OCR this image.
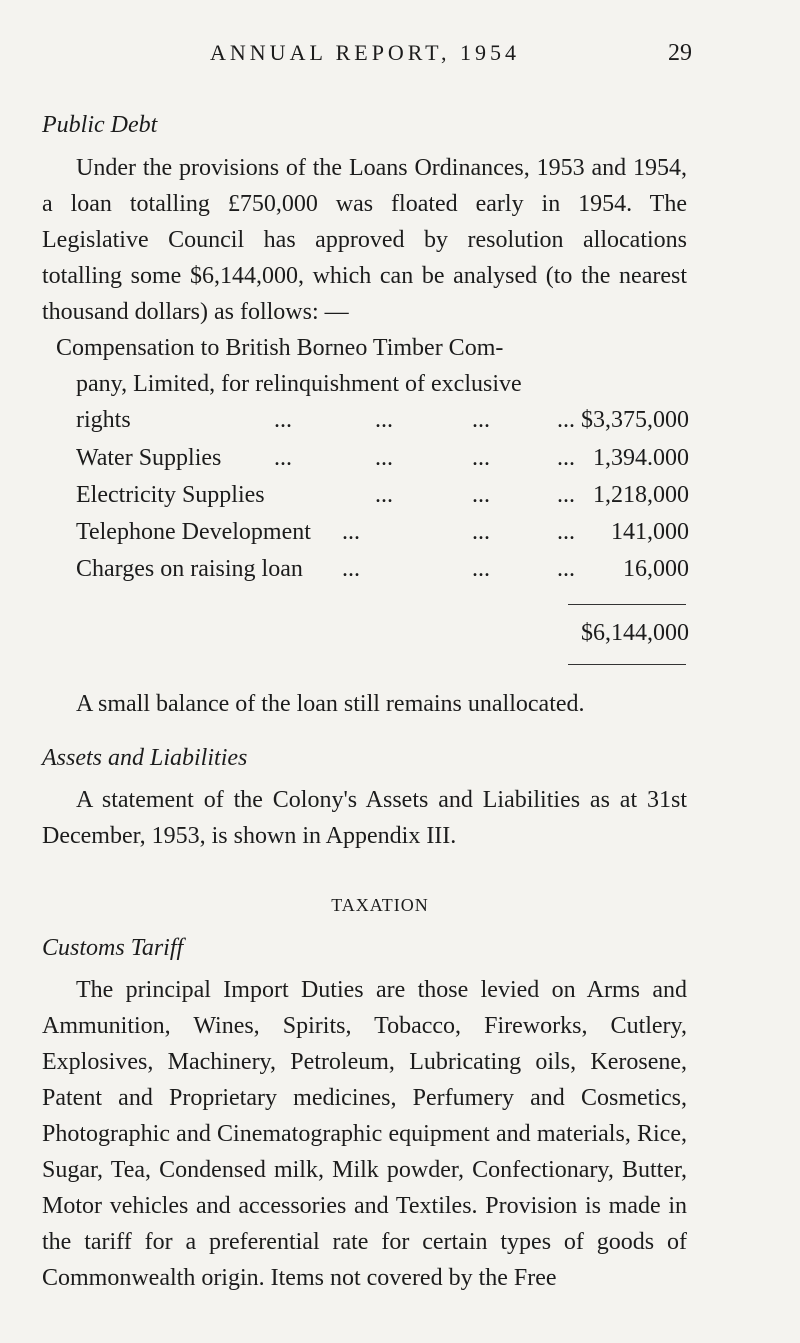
ANNUAL REPORT, 1954	29
Public Debt
Under the provisions of the Loans Ordinances, 1953 and 1954, a loan totalling £750,000 was floated early in 1954. The Legislative Council has approved by resolution allocations totalling some $6,144,000, which can be analysed (to the nearest thousand dollars) as follows: —
Compensation to British Borneo Timber Com-
pany, Limited, for relinquishment of exclusive
rights	...	...	...	... $3,375,000
Water Supplies ...	...	...	... 1,394.000
Electricity Supplies	...	...	... 1,218,000
Telephone Development ...	...	... 141,000
Charges on raising loan ...	...	... 16,000
$6,144,000
A small balance of the loan still remains unallocated.
Assets and Liabilities
A statement of the Colony's Assets and Liabilities as at 31st December, 1953, is shown in Appendix III.
TAXATION
Customs Tariff
The principal Import Duties are those levied on Arms and Ammunition, Wines, Spirits, Tobacco, Fireworks, Cutlery, Explosives, Machinery, Petroleum, Lubricating oils, Kerosene, Patent and Proprietary medicines, Perfumery and Cosmetics, Photographic and Cinematographic equipment and materials, Rice, Sugar, Tea, Condensed milk, Milk powder, Confectionary, Butter, Motor vehicles and accessories and Textiles. Provision is made in the tariff for a preferential rate for certain types of goods of Commonwealth origin. Items not covered by the Free
